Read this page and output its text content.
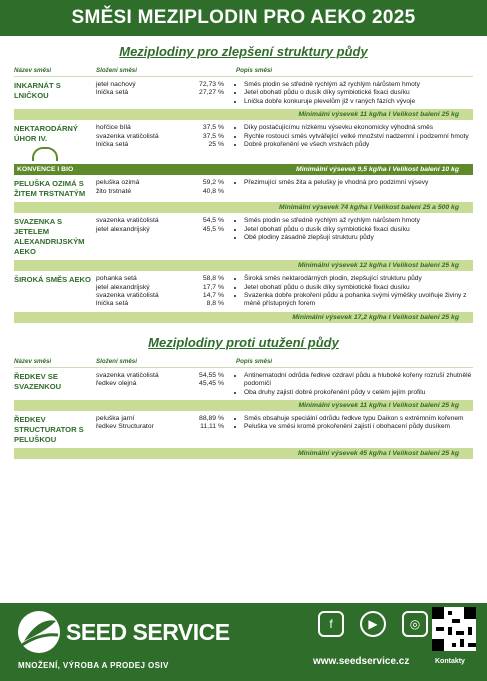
SMĚSI MEZIPLODIN PRO AEKO 2025
Meziplodiny pro zlepšení struktury půdy
Název směsi	Složení směsi	Popis směsi
INKARNÁT S LNIČKOU
jetel nachový	72,73 %
lnička setá	27,27 %
• Směs plodin se středně rychlým až rychlým nárůstem hmoty
• Jetel obohatí půdu o dusík díky symbiotické fixaci dusíku
• Lnička dobře konkuruje plevelům již v raných fázích vývoje
Minimální výsevek 11 kg/ha I Velikost balení 25 kg
NEKTARODÁRNÝ ÚHOR IV.
hořčice bílá	37,5 %
svazenka vratičolistá	37,5 %
lnička setá	25 %
• Díky postačujícímu nízkému výsevku ekonomicky výhodná směs
• Rychle rostoucí směs vytvářející velké množství nadzemní i podzemní hmoty
• Dobré prokořenění ve všech vrstvách půdy
KONVENCE I BIO	Minimální výsevek 9,5 kg/ha I Velikost balení 10 kg
PELUŠKA OZIMÁ S ŽITEM TRSTNATÝM
peluška ozimá	59,2 %
žito trstnaté	40,8 %
• Přezimující směs žita a pelušky je vhodná pro podzimní výsevy
Minimální výsevek 74 kg/ha I Velikost balení 25 a 500 kg
SVAZENKA S JETELEM ALEXANDRIJSKÝM AEKO
svazenka vratičolistá	54,5 %
jetel alexandrijský	45,5 %
• Směs plodin se středně rychlým až rychlým nárůstem hmoty
• Jetel obohatí půdu o dusík díky symbiotické fixaci dusíku
• Obě plodiny zásadně zlepšují strukturu půdy
Minimální výsevek 12 kg/ha I Velikost balení 25 kg
ŠIROKÁ SMĚS AEKO pohanka setá	58,8 %
jetel alexandrijský	17,7 %
svazenka vratičolistá	14,7 %
lnička setá	8,8 %
• Široká směs nektarodárných plodin, zlepšující strukturu půdy
• Jetel obohatí půdu o dusík díky symbiotické fixaci dusíku
• Svazenka dobře prokoření půdu a pohanka svými výměšky uvolňuje živiny z méně přístupných forem
Minimální výsevek 17,2 kg/ha I Velikost balení 25 kg
Meziplodiny proti utužení půdy
Název směsi	Složení směsi	Popis směsi
ŘEDKEV SE SVAZENKOU
svazenka vratičolistá	54,55 %
ředkev olejná	45,45 %
• Antinematodní odrůda ředkve ozdraví půdu a hluboké kořeny rozruší zhutnělé podorničí
• Oba druhy zajistí dobré prokořenění půdy v celém jejím profilu
Minimální výsevek 11 kg/ha I Velikost balení 25 kg
ŘEDKEV STRUCTURATOR S PELUŠKOU
peluška jarní	88,89 %
ředkev Structurator	11,11 %
• Směs obsahuje speciální odrůdu ředkve typu Daikon s extrémním kořenem
• Peluška ve směsi kromě prokořenění zajistí i obohacení půdy dusíkem
Minimální výsevek 45 kg/ha I Velikost balení 25 kg
SEED SERVICE
MNOŽENÍ, VÝROBA A PRODEJ OSIV
f	▶	◎
www.seedservice.cz	Kontakty
